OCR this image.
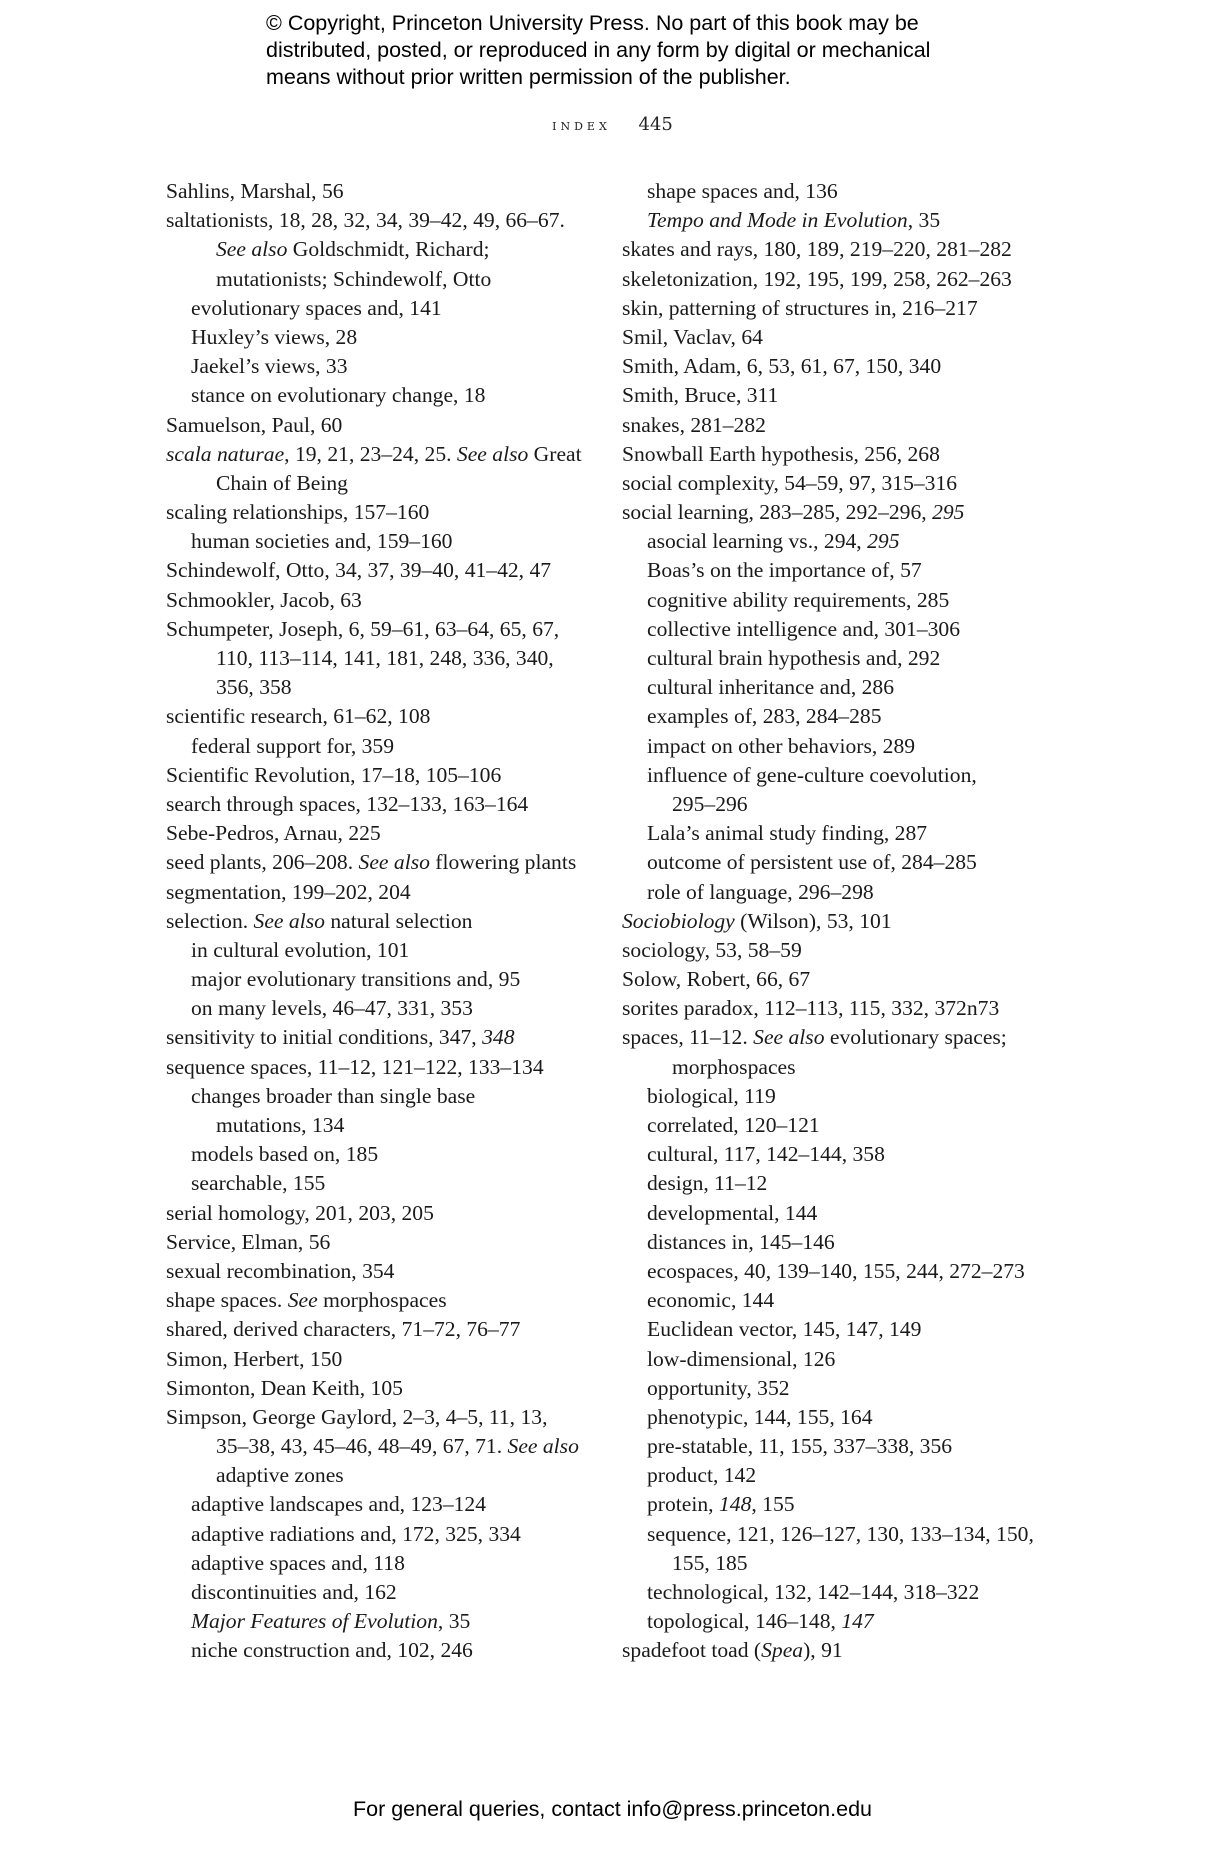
© Copyright, Princeton University Press. No part of this book may be
distributed, posted, or reproduced in any form by digital or mechanical
means without prior written permission of the publisher.
index 445
Sahlins, Marshal, 56
saltationists, 18, 28, 32, 34, 39–42, 49, 66–67.
See also Goldschmidt, Richard;
mutationists; Schindewolf, Otto
evolutionary spaces and, 141
Huxley’s views, 28
Jaekel’s views, 33
stance on evolutionary change, 18
Samuelson, Paul, 60
scala naturae, 19, 21, 23–24, 25. See also Great
Chain of Being
scaling relationships, 157–160
human societies and, 159–160
Schindewolf, Otto, 34, 37, 39–40, 41–42, 47
Schmookler, Jacob, 63
Schumpeter, Joseph, 6, 59–61, 63–64, 65, 67,
110, 113–114, 141, 181, 248, 336, 340,
356, 358
scientific research, 61–62, 108
federal support for, 359
Scientific Revolution, 17–18, 105–106
search through spaces, 132–133, 163–164
Sebe-Pedros, Arnau, 225
seed plants, 206–208. See also flowering plants
segmentation, 199–202, 204
selection. See also natural selection
in cultural evolution, 101
major evolutionary transitions and, 95
on many levels, 46–47, 331, 353
sensitivity to initial conditions, 347, 348
sequence spaces, 11–12, 121–122, 133–134
changes broader than single base
mutations, 134
models based on, 185
searchable, 155
serial homology, 201, 203, 205
Service, Elman, 56
sexual recombination, 354
shape spaces. See morphospaces
shared, derived characters, 71–72, 76–77
Simon, Herbert, 150
Simonton, Dean Keith, 105
Simpson, George Gaylord, 2–3, 4–5, 11, 13,
35–38, 43, 45–46, 48–49, 67, 71. See also
adaptive zones
adaptive landscapes and, 123–124
adaptive radiations and, 172, 325, 334
adaptive spaces and, 118
discontinuities and, 162
Major Features of Evolution, 35
niche construction and, 102, 246
shape spaces and, 136
Tempo and Mode in Evolution, 35
skates and rays, 180, 189, 219–220, 281–282
skeletonization, 192, 195, 199, 258, 262–263
skin, patterning of structures in, 216–217
Smil, Vaclav, 64
Smith, Adam, 6, 53, 61, 67, 150, 340
Smith, Bruce, 311
snakes, 281–282
Snowball Earth hypothesis, 256, 268
social complexity, 54–59, 97, 315–316
social learning, 283–285, 292–296, 295
asocial learning vs., 294, 295
Boas’s on the importance of, 57
cognitive ability requirements, 285
collective intelligence and, 301–306
cultural brain hypothesis and, 292
cultural inheritance and, 286
examples of, 283, 284–285
impact on other behaviors, 289
influence of gene-culture coevolution,
295–296
Lala’s animal study finding, 287
outcome of persistent use of, 284–285
role of language, 296–298
Sociobiology (Wilson), 53, 101
sociology, 53, 58–59
Solow, Robert, 66, 67
sorites paradox, 112–113, 115, 332, 372n73
spaces, 11–12. See also evolutionary spaces;
morphospaces
biological, 119
correlated, 120–121
cultural, 117, 142–144, 358
design, 11–12
developmental, 144
distances in, 145–146
ecospaces, 40, 139–140, 155, 244, 272–273
economic, 144
Euclidean vector, 145, 147, 149
low-dimensional, 126
opportunity, 352
phenotypic, 144, 155, 164
pre-statable, 11, 155, 337–338, 356
product, 142
protein, 148, 155
sequence, 121, 126–127, 130, 133–134, 150,
155, 185
technological, 132, 142–144, 318–322
topological, 146–148, 147
spadefoot toad (Spea), 91
For general queries, contact info@press.princeton.edu
